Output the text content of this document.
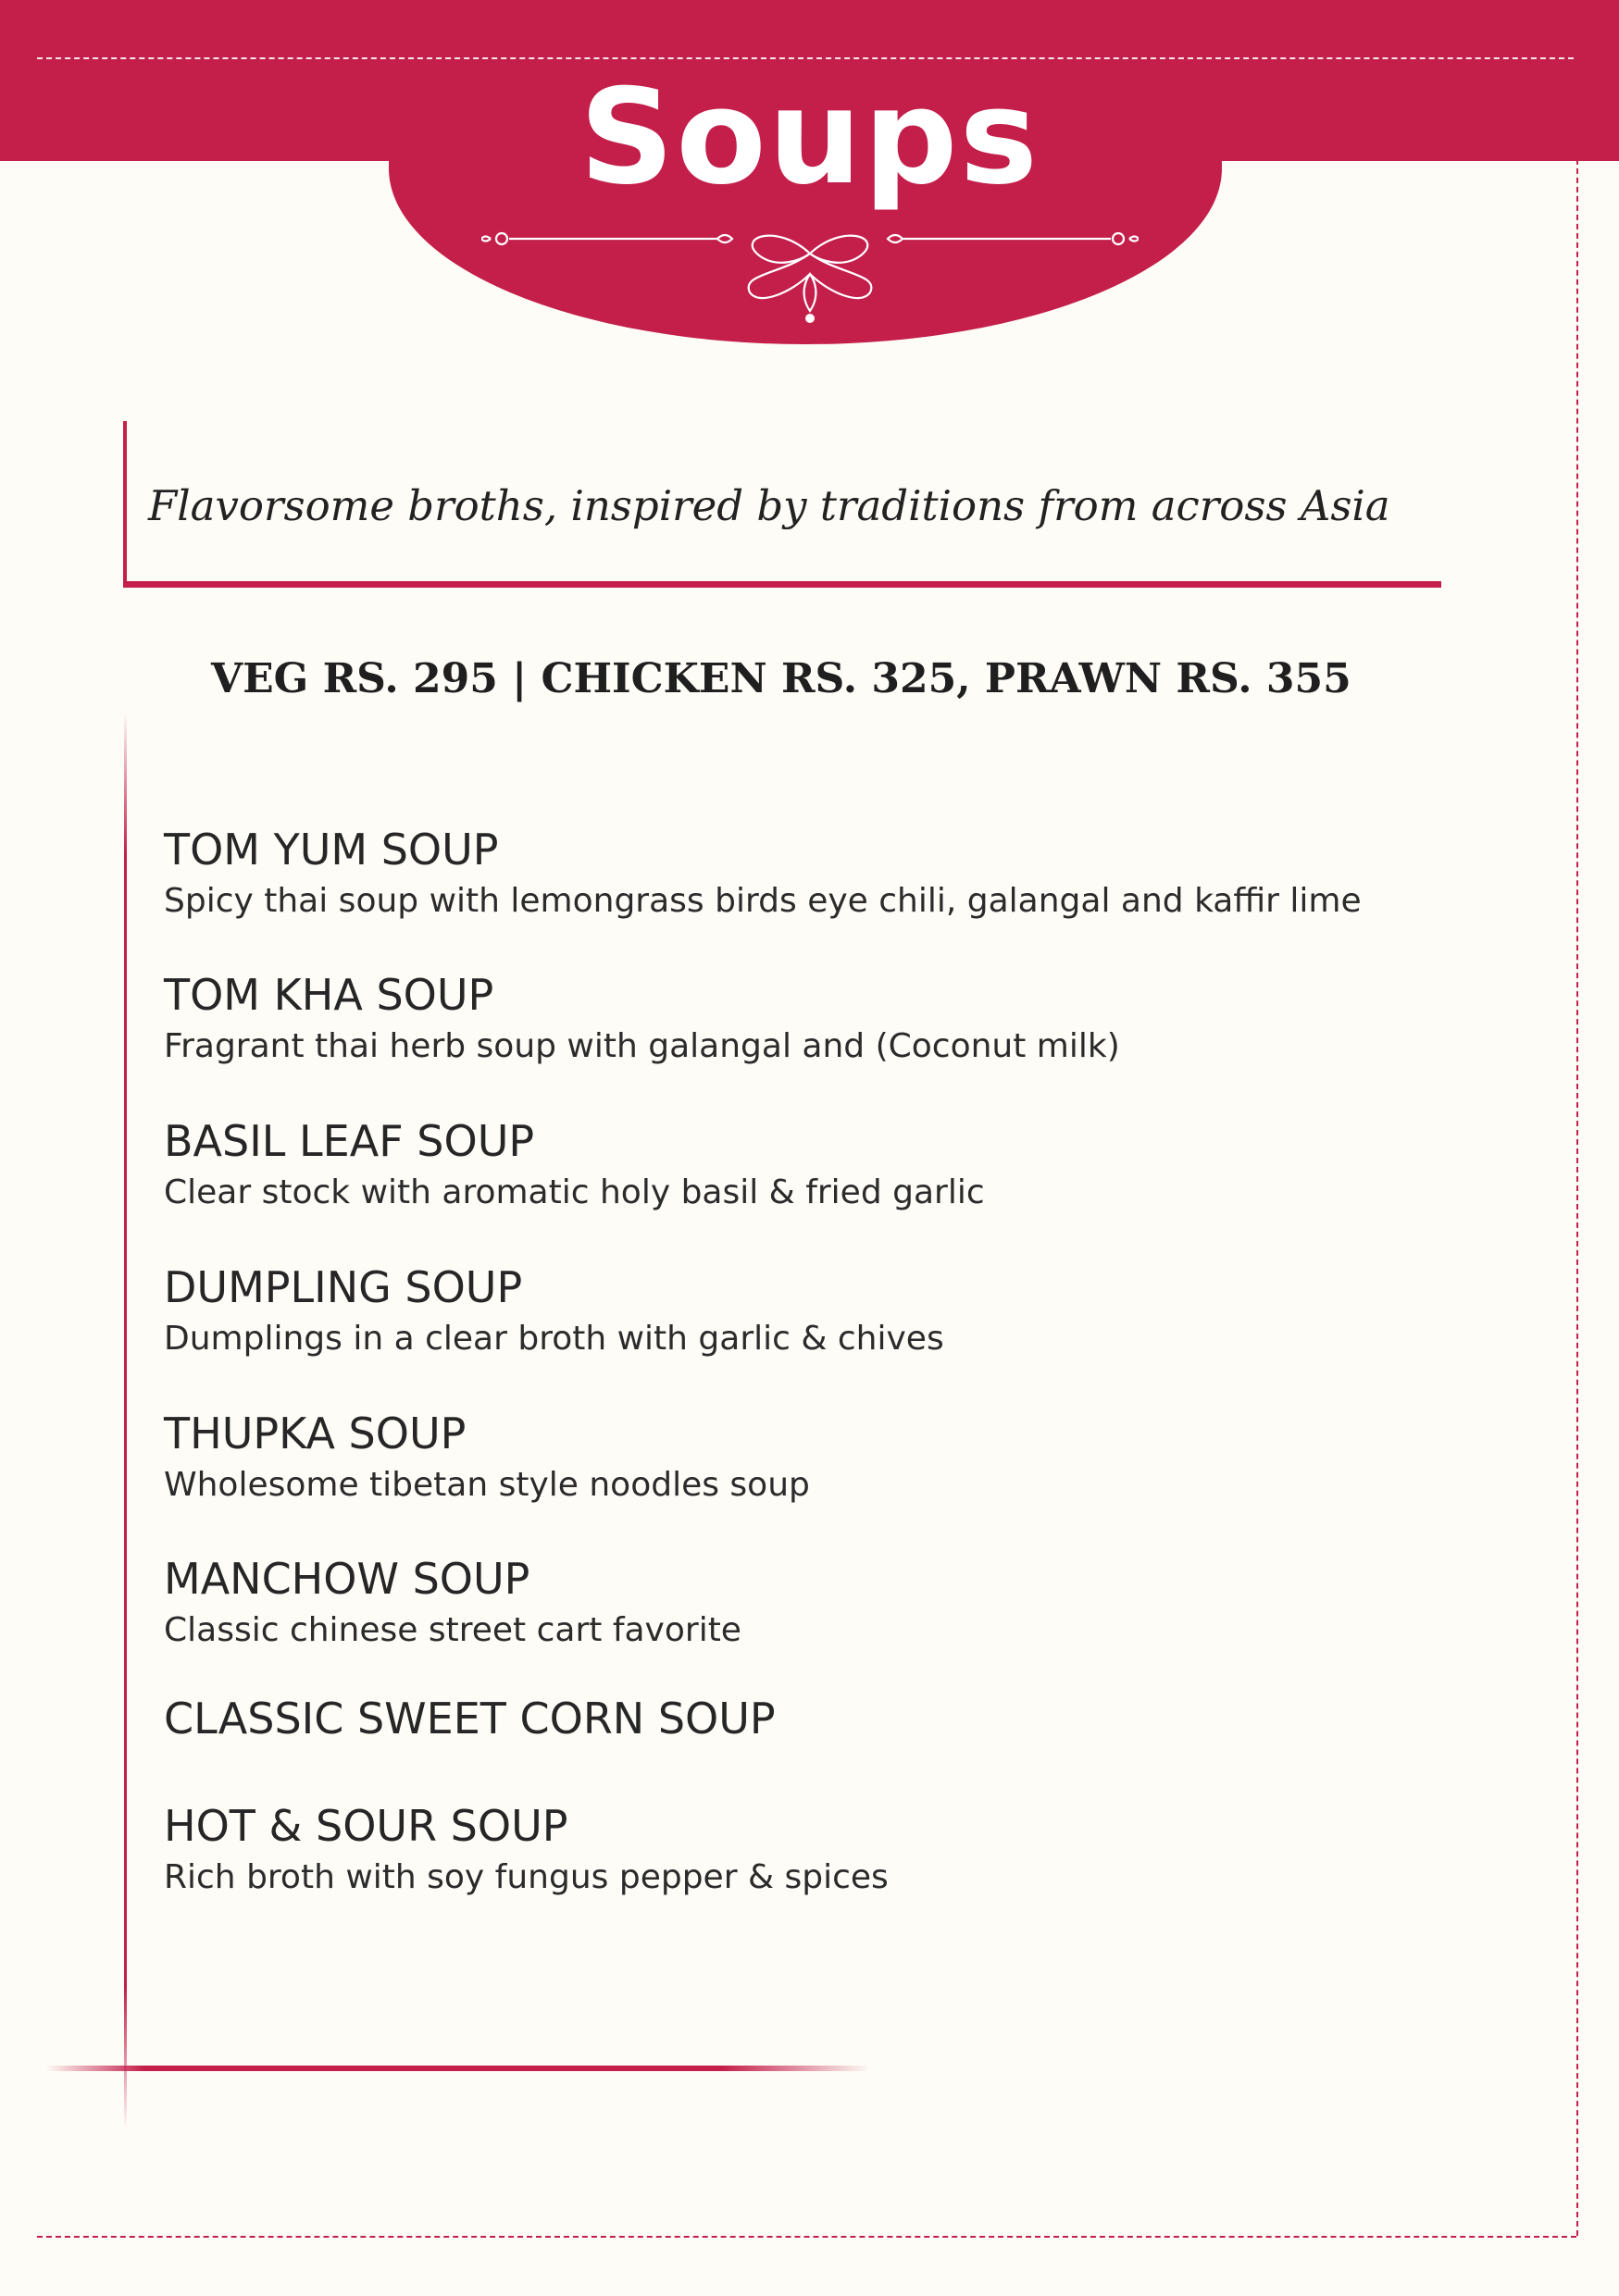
Soups
Flavorsome broths, inspired by traditions from across Asia
VEG RS. 295 | CHICKEN RS. 325, PRAWN RS. 355
TOM YUM SOUP
Spicy thai soup with lemongrass birds eye chili, galangal and kaffir lime
TOM KHA SOUP
Fragrant thai herb soup with galangal and (Coconut milk)
BASIL LEAF SOUP
Clear stock with aromatic holy basil & fried garlic
DUMPLING SOUP
Dumplings in a clear broth with garlic & chives
THUPKA SOUP
Wholesome tibetan style noodles soup
MANCHOW SOUP
Classic chinese street cart favorite
CLASSIC SWEET CORN SOUP
HOT & SOUR SOUP
Rich broth with soy fungus pepper & spices
